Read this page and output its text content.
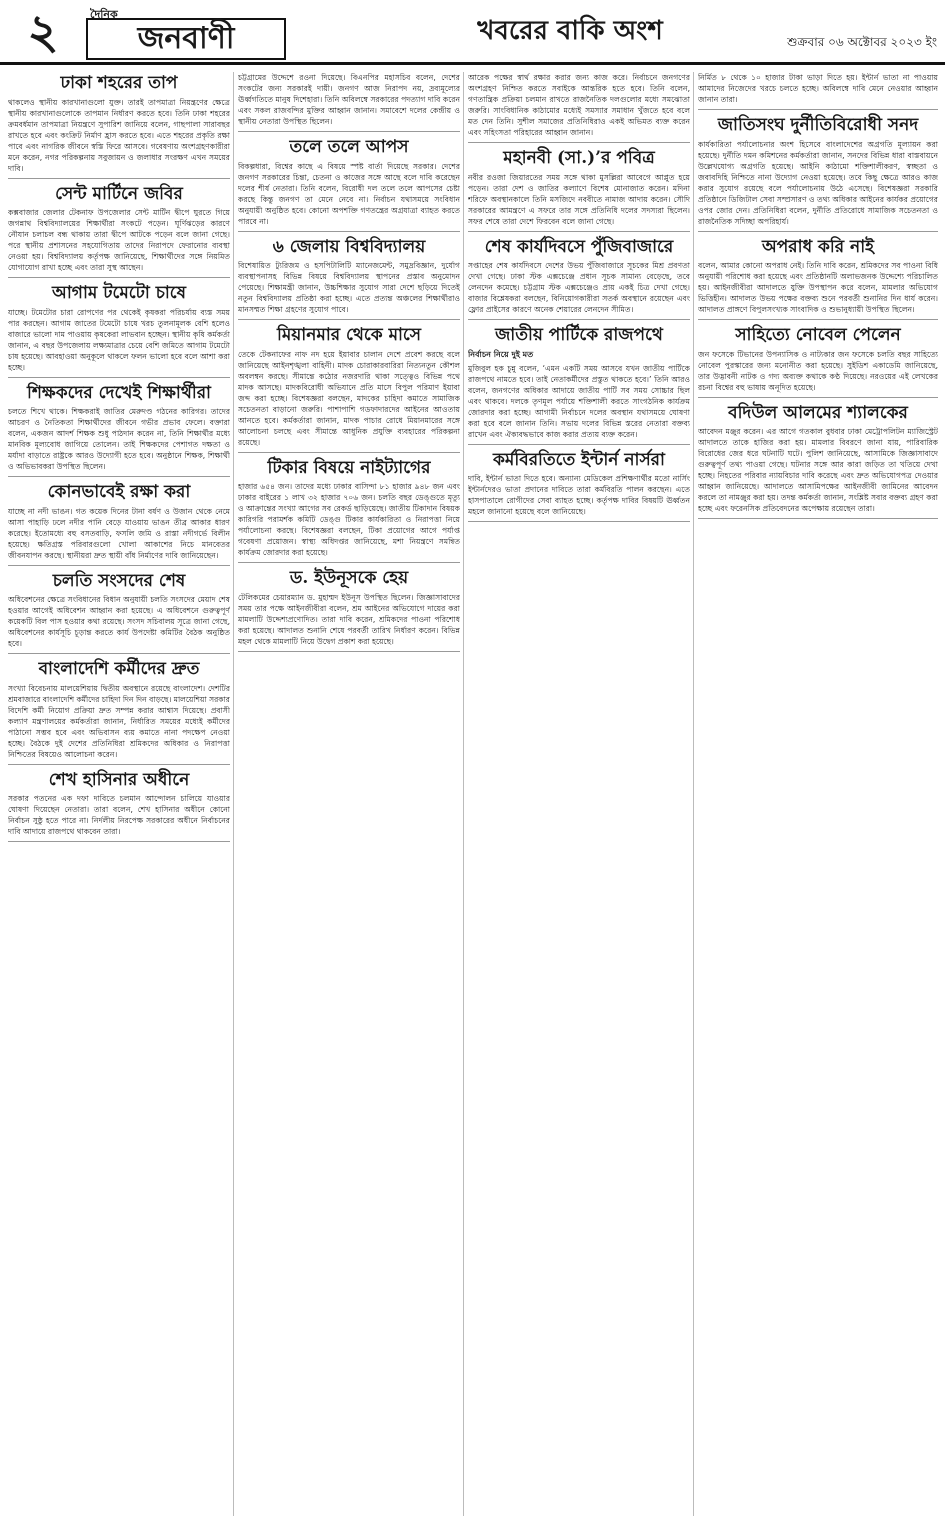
২	দৈনিক
জনবাণী	খবরের বাকি অংশ	শুক্রবার ০৬ অক্টোবর ২০২৩ ইং
ঢাকা শহরের তাপ

থাকলেও স্থানীয় কারখানাগুলো যুক্ত। তারই তাপমাত্রা নিয়ন্ত্রণের ক্ষেত্রে স্থানীয় কারখানাগুলোকে তাপমান নির্ধারণ করতে হবে। তিনি ঢাকা শহরের ক্রমবর্ধমান তাপমাত্রা নিয়ন্ত্রণে সুপারিশ জানিয়ে বলেন, গাছপালা সারাবছর রাখতে হবে এবং কংক্রিট নির্মাণ হ্রাস করতে হবে। এতে শহরের প্রকৃতি রক্ষা পাবে এবং নাগরিক জীবনে স্বস্তি ফিরে আসবে। গবেষণায় অংশগ্রহণকারীরা মনে করেন, নগর পরিকল্পনায় সবুজায়ন ও জলাধার সংরক্ষণ এখন সময়ের দাবি।

সেন্ট মার্টিনে জবির

কক্সবাজার জেলার টেকনাফ উপজেলার সেন্ট মার্টিন দ্বীপে ঘুরতে গিয়ে জগন্নাথ বিশ্ববিদ্যালয়ের শিক্ষার্থীরা সংকটে পড়েন। ঘূর্ণিঝড়ের কারণে নৌযান চলাচল বন্ধ থাকায় তারা দ্বীপে আটকে পড়েন বলে জানা গেছে। পরে স্থানীয় প্রশাসনের সহযোগিতায় তাদের নিরাপদে ফেরানোর ব্যবস্থা নেওয়া হয়। বিশ্ববিদ্যালয় কর্তৃপক্ষ জানিয়েছে, শিক্ষার্থীদের সঙ্গে নিয়মিত যোগাযোগ রাখা হচ্ছে এবং তারা সুস্থ আছেন।

আগাম টমেটো চাষে

যাচ্ছে। টমেটোর চারা রোপণের পর থেকেই কৃষকরা পরিচর্যায় ব্যস্ত সময় পার করছেন। আগাম জাতের টমেটো চাষে খরচ তুলনামূলক বেশি হলেও বাজারে ভালো দাম পাওয়ায় কৃষকেরা লাভবান হচ্ছেন। স্থানীয় কৃষি কর্মকর্তা জানান, এ বছর উপজেলায় লক্ষ্যমাত্রার চেয়ে বেশি জমিতে আগাম টমেটো চাষ হয়েছে। আবহাওয়া অনুকূলে থাকলে ফলন ভালো হবে বলে আশা করা হচ্ছে।

শিক্ষকদের দেখেই শিক্ষার্থীরা

চলতে শিখে থাকে। শিক্ষকরাই জাতির মেরুদণ্ড গঠনের কারিগর। তাদের আচরণ ও নৈতিকতা শিক্ষার্থীদের জীবনে গভীর প্রভাব ফেলে। বক্তারা বলেন, একজন আদর্শ শিক্ষক শুধু পাঠদান করেন না, তিনি শিক্ষার্থীর মধ্যে মানবিক মূল্যবোধ জাগিয়ে তোলেন। তাই শিক্ষকদের পেশাগত দক্ষতা ও মর্যাদা বাড়াতে রাষ্ট্রকে আরও উদ্যোগী হতে হবে। অনুষ্ঠানে শিক্ষক, শিক্ষার্থী ও অভিভাবকরা উপস্থিত ছিলেন।

কোনভাবেই রক্ষা করা

যাচ্ছে না নদী ভাঙন। গত কয়েক দিনের টানা বর্ষণ ও উজান থেকে নেমে আসা পাহাড়ি ঢলে নদীর পানি বেড়ে যাওয়ায় ভাঙন তীব্র আকার ধারণ করেছে। ইতোমধ্যে বহু বসতবাড়ি, ফসলি জমি ও রাস্তা নদীগর্ভে বিলীন হয়েছে। ক্ষতিগ্রস্ত পরিবারগুলো খোলা আকাশের নিচে মানবেতর জীবনযাপন করছে। স্থানীয়রা দ্রুত স্থায়ী বাঁধ নির্মাণের দাবি জানিয়েছেন।

চলতি সংসদের শেষ

অধিবেশনের ক্ষেত্রে সংবিধানের বিধান অনুযায়ী চলতি সংসদের মেয়াদ শেষ হওয়ার আগেই অধিবেশন আহ্বান করা হয়েছে। এ অধিবেশনে গুরুত্বপূর্ণ কয়েকটি বিল পাস হওয়ার কথা রয়েছে। সংসদ সচিবালয় সূত্রে জানা গেছে, অধিবেশনের কার্যসূচি চূড়ান্ত করতে কার্য উপদেষ্টা কমিটির বৈঠক অনুষ্ঠিত হবে।

বাংলাদেশি কর্মীদের দ্রুত

সংখ্যা বিবেচনায় মালয়েশিয়ায় দ্বিতীয় অবস্থানে রয়েছে বাংলাদেশ। দেশটির শ্রমবাজারে বাংলাদেশি কর্মীদের চাহিদা দিন দিন বাড়ছে। মালয়েশিয়া সরকার বিদেশি কর্মী নিয়োগ প্রক্রিয়া দ্রুত সম্পন্ন করার আশ্বাস দিয়েছে। প্রবাসী কল্যাণ মন্ত্রণালয়ের কর্মকর্তারা জানান, নির্ধারিত সময়ের মধ্যেই কর্মীদের পাঠানো সম্ভব হবে এবং অভিবাসন ব্যয় কমাতে নানা পদক্ষেপ নেওয়া হচ্ছে। বৈঠকে দুই দেশের প্রতিনিধিরা শ্রমিকদের অধিকার ও নিরাপত্তা নিশ্চিতের বিষয়েও আলোচনা করেন।

শেখ হাসিনার অধীনে

সরকার পতনের এক দফা দাবিতে চলমান আন্দোলন চালিয়ে যাওয়ার ঘোষণা দিয়েছেন নেতারা। তারা বলেন, শেখ হাসিনার অধীনে কোনো নির্বাচন সুষ্ঠু হতে পারে না। নির্দলীয় নিরপেক্ষ সরকারের অধীনে নির্বাচনের দাবি আদায়ে রাজপথে থাকবেন তারা।

চট্টগ্রামের উদ্দেশে রওনা দিয়েছে। বিএনপির মহাসচিব বলেন, দেশের সংকটের জন্য সরকারই দায়ী। জনগণ আজ নিরাপদ নয়, দ্রব্যমূল্যের ঊর্ধ্বগতিতে মানুষ দিশেহারা। তিনি অবিলম্বে সরকারের পদত্যাগ দাবি করেন এবং সকল রাজবন্দির মুক্তির আহ্বান জানান। সমাবেশে দলের কেন্দ্রীয় ও স্থানীয় নেতারা উপস্থিত ছিলেন।

তলে তলে আপস

বিকল্পধারা, বিশ্বের কাছে এ বিষয়ে স্পষ্ট বার্তা দিয়েছে সরকার। দেশের জনগণ সরকারের চিন্তা, চেতনা ও কাজের সঙ্গে আছে বলে দাবি করেছেন দলের শীর্ষ নেতারা। তিনি বলেন, বিরোধী দল তলে তলে আপসের চেষ্টা করছে কিন্তু জনগণ তা মেনে নেবে না। নির্বাচন যথাসময়ে সংবিধান অনুযায়ী অনুষ্ঠিত হবে। কোনো অপশক্তি গণতন্ত্রের অগ্রযাত্রা ব্যাহত করতে পারবে না।

৬ জেলায় বিশ্ববিদ্যালয়

বিশেষায়িত ট্যুরিজম ও হসপিটালিটি ম্যানেজমেন্ট, সমুদ্রবিজ্ঞান, দুর্যোগ ব্যবস্থাপনাসহ বিভিন্ন বিষয়ে বিশ্ববিদ্যালয় স্থাপনের প্রস্তাব অনুমোদন পেয়েছে। শিক্ষামন্ত্রী জানান, উচ্চশিক্ষার সুযোগ সারা দেশে ছড়িয়ে দিতেই নতুন বিশ্ববিদ্যালয় প্রতিষ্ঠা করা হচ্ছে। এতে প্রত্যন্ত অঞ্চলের শিক্ষার্থীরাও মানসম্মত শিক্ষা গ্রহণের সুযোগ পাবে।

মিয়ানমার থেকে মাসে

তেকে টেকনাফের নাফ নদ হয়ে ইয়াবার চালান দেশে প্রবেশ করছে বলে জানিয়েছে আইনশৃঙ্খলা বাহিনী। মাদক চোরাকারবারিরা নিত্যনতুন কৌশল অবলম্বন করছে। সীমান্তে কঠোর নজরদারি থাকা সত্ত্বেও বিভিন্ন পথে মাদক আসছে। মাদকবিরোধী অভিযানে প্রতি মাসে বিপুল পরিমাণ ইয়াবা জব্দ করা হচ্ছে। বিশেষজ্ঞরা বলছেন, মাদকের চাহিদা কমাতে সামাজিক সচেতনতা বাড়ানো জরুরি। পাশাপাশি গডফাদারদের আইনের আওতায় আনতে হবে। কর্মকর্তারা জানান, মাদক পাচার রোধে মিয়ানমারের সঙ্গে আলোচনা চলছে এবং সীমান্তে আধুনিক প্রযুক্তি ব্যবহারের পরিকল্পনা রয়েছে।

টিকার বিষয়ে নাইট্যাগের

হাজার ৬৫৪ জন। তাদের মধ্যে ঢাকার বাসিন্দা ৮১ হাজার ৯৪৮ জন এবং ঢাকার বাইরের ১ লাখ ৩২ হাজার ৭০৬ জন। চলতি বছর ডেঙ্গুতে মৃত্যু ও আক্রান্তের সংখ্যা আগের সব রেকর্ড ছাড়িয়েছে। জাতীয় টিকাদান বিষয়ক কারিগরি পরামর্শক কমিটি ডেঙ্গু টিকার কার্যকারিতা ও নিরাপত্তা নিয়ে পর্যালোচনা করছে। বিশেষজ্ঞরা বলছেন, টিকা প্রয়োগের আগে পর্যাপ্ত গবেষণা প্রয়োজন। স্বাস্থ্য অধিদপ্তর জানিয়েছে, মশা নিয়ন্ত্রণে সমন্বিত কার্যক্রম জোরদার করা হয়েছে।

ড. ইউনূসকে হেয়

টেলিকমের চেয়ারম্যান ড. মুহাম্মদ ইউনূস উপস্থিত ছিলেন। জিজ্ঞাসাবাদের সময় তার পক্ষে আইনজীবীরা বলেন, শ্রম আইনের অভিযোগে দায়ের করা মামলাটি উদ্দেশ্যপ্রণোদিত। তারা দাবি করেন, শ্রমিকদের পাওনা পরিশোধ করা হয়েছে। আদালত শুনানি শেষে পরবর্তী তারিখ নির্ধারণ করেন। বিভিন্ন মহল থেকে মামলাটি নিয়ে উদ্বেগ প্রকাশ করা হয়েছে।

আরেক পক্ষের স্বার্থ রক্ষার করার জন্য কাজ করে। নির্বাচনে জনগণের অংশগ্রহণ নিশ্চিত করতে সবাইকে আন্তরিক হতে হবে। তিনি বলেন, গণতান্ত্রিক প্রক্রিয়া চলমান রাখতে রাজনৈতিক দলগুলোর মধ্যে সমঝোতা জরুরি। সাংবিধানিক কাঠামোর মধ্যেই সমস্যার সমাধান খুঁজতে হবে বলে মত দেন তিনি। সুশীল সমাজের প্রতিনিধিরাও একই অভিমত ব্যক্ত করেন এবং সহিংসতা পরিহারের আহ্বান জানান।

মহানবী (সা.)’র পবিত্র

নবীর রওজা জিয়ারতের সময় সঙ্গে থাকা মুসল্লিরা আবেগে আপ্লুত হয়ে পড়েন। তারা দেশ ও জাতির কল্যাণে বিশেষ মোনাজাত করেন। মদিনা শরিফে অবস্থানকালে তিনি মসজিদে নববীতে নামাজ আদায় করেন। সৌদি সরকারের আমন্ত্রণে এ সফরে তার সঙ্গে প্রতিনিধি দলের সদস্যরা ছিলেন। সফর শেষে তারা দেশে ফিরবেন বলে জানা গেছে।

শেষ কার্যদিবসে পুঁজিবাজারে

সপ্তাহের শেষ কার্যদিবসে দেশের উভয় পুঁজিবাজারে সূচকের মিশ্র প্রবণতা দেখা গেছে। ঢাকা স্টক এক্সচেঞ্জে প্রধান সূচক সামান্য বেড়েছে, তবে লেনদেন কমেছে। চট্টগ্রাম স্টক এক্সচেঞ্জেও প্রায় একই চিত্র দেখা গেছে। বাজার বিশ্লেষকরা বলছেন, বিনিয়োগকারীরা সতর্ক অবস্থানে রয়েছেন এবং ফ্লোর প্রাইসের কারণে অনেক শেয়ারের লেনদেন সীমিত।

জাতীয় পার্টিকে রাজপথে
নির্বাচন নিয়ে দুই মত

মুজিবুল হক চুন্নু বলেন, ‘এমন একটি সময় আসবে যখন জাতীয় পার্টিকে রাজপথে নামতে হবে। তাই নেতাকর্মীদের প্রস্তুত থাকতে হবে।’ তিনি আরও বলেন, জনগণের অধিকার আদায়ে জাতীয় পার্টি সব সময় সোচ্চার ছিল এবং থাকবে। দলকে তৃণমূল পর্যায়ে শক্তিশালী করতে সাংগঠনিক কার্যক্রম জোরদার করা হচ্ছে। আগামী নির্বাচনে দলের অবস্থান যথাসময়ে ঘোষণা করা হবে বলে জানান তিনি। সভায় দলের বিভিন্ন স্তরের নেতারা বক্তব্য রাখেন এবং ঐক্যবদ্ধভাবে কাজ করার প্রত্যয় ব্যক্ত করেন।

কর্মবিরতিতে ইন্টার্ন নার্সরা

দাবি, ইন্টার্ন ভাতা দিতে হবে। অন্যান্য মেডিকেল প্রশিক্ষণার্থীর মতো নার্সিং ইন্টার্নদেরও ভাতা প্রদানের দাবিতে তারা কর্মবিরতি পালন করছেন। এতে হাসপাতালে রোগীদের সেবা ব্যাহত হচ্ছে। কর্তৃপক্ষ দাবির বিষয়টি ঊর্ধ্বতন মহলে জানানো হয়েছে বলে জানিয়েছে।

নির্মিত ৮ থেকে ১০ হাজার টাকা ভাড়া দিতে হয়। ইন্টার্ন ভাতা না পাওয়ায় আমাদের নিজেদের খরচে চলতে হচ্ছে। অবিলম্বে দাবি মেনে নেওয়ার আহ্বান জানান তারা।

জাতিসংঘ দুর্নীতিবিরোধী সনদ

কার্যকারিতা পর্যালোচনার অংশ হিসেবে বাংলাদেশের অগ্রগতি মূল্যায়ন করা হয়েছে। দুর্নীতি দমন কমিশনের কর্মকর্তারা জানান, সনদের বিভিন্ন ধারা বাস্তবায়নে উল্লেখযোগ্য অগ্রগতি হয়েছে। আইনি কাঠামো শক্তিশালীকরণ, স্বচ্ছতা ও জবাবদিহি নিশ্চিতে নানা উদ্যোগ নেওয়া হয়েছে। তবে কিছু ক্ষেত্রে আরও কাজ করার সুযোগ রয়েছে বলে পর্যালোচনায় উঠে এসেছে। বিশেষজ্ঞরা সরকারি প্রতিষ্ঠানে ডিজিটাল সেবা সম্প্রসারণ ও তথ্য অধিকার আইনের কার্যকর প্রয়োগের ওপর জোর দেন। প্রতিনিধিরা বলেন, দুর্নীতি প্রতিরোধে সামাজিক সচেতনতা ও রাজনৈতিক সদিচ্ছা অপরিহার্য।

অপরাধ করি নাই

বলেন, আমার কোনো অপরাধ নেই। তিনি দাবি করেন, শ্রমিকদের সব পাওনা বিধি অনুযায়ী পরিশোধ করা হয়েছে এবং প্রতিষ্ঠানটি অলাভজনক উদ্দেশ্যে পরিচালিত হয়। আইনজীবীরা আদালতে যুক্তি উপস্থাপন করে বলেন, মামলার অভিযোগ ভিত্তিহীন। আদালত উভয় পক্ষের বক্তব্য শুনে পরবর্তী শুনানির দিন ধার্য করেন। আদালত প্রাঙ্গণে বিপুলসংখ্যক সাংবাদিক ও শুভানুধ্যায়ী উপস্থিত ছিলেন।

সাহিত্যে নোবেল পেলেন

জন ফসেকে টিভানের উপন্যাসিক ও নাট্যকার জন ফসেকে চলতি বছর সাহিত্যে নোবেল পুরস্কারের জন্য মনোনীত করা হয়েছে। সুইডিশ একাডেমি জানিয়েছে, তার উদ্ভাবনী নাটক ও গদ্য অব্যক্ত কথাকে কণ্ঠ দিয়েছে। নরওয়ের এই লেখকের রচনা বিশ্বের বহু ভাষায় অনূদিত হয়েছে।

বদিউল আলমের শ্যালকের

আবেদন মঞ্জুর করেন। এর আগে গতকাল বুধবার ঢাকা মেট্রোপলিটন ম্যাজিস্ট্রেট আদালতে তাকে হাজির করা হয়। মামলার বিবরণে জানা যায়, পারিবারিক বিরোধের জের ধরে ঘটনাটি ঘটে। পুলিশ জানিয়েছে, আসামিকে জিজ্ঞাসাবাদে গুরুত্বপূর্ণ তথ্য পাওয়া গেছে। ঘটনার সঙ্গে আর কারা জড়িত তা খতিয়ে দেখা হচ্ছে। নিহতের পরিবার ন্যায়বিচার দাবি করেছে এবং দ্রুত অভিযোগপত্র দেওয়ার আহ্বান জানিয়েছে। আদালতে আসামিপক্ষের আইনজীবী জামিনের আবেদন করলে তা নামঞ্জুর করা হয়। তদন্ত কর্মকর্তা জানান, সংশ্লিষ্ট সবার বক্তব্য গ্রহণ করা হচ্ছে এবং ফরেনসিক প্রতিবেদনের অপেক্ষায় রয়েছেন তারা।
